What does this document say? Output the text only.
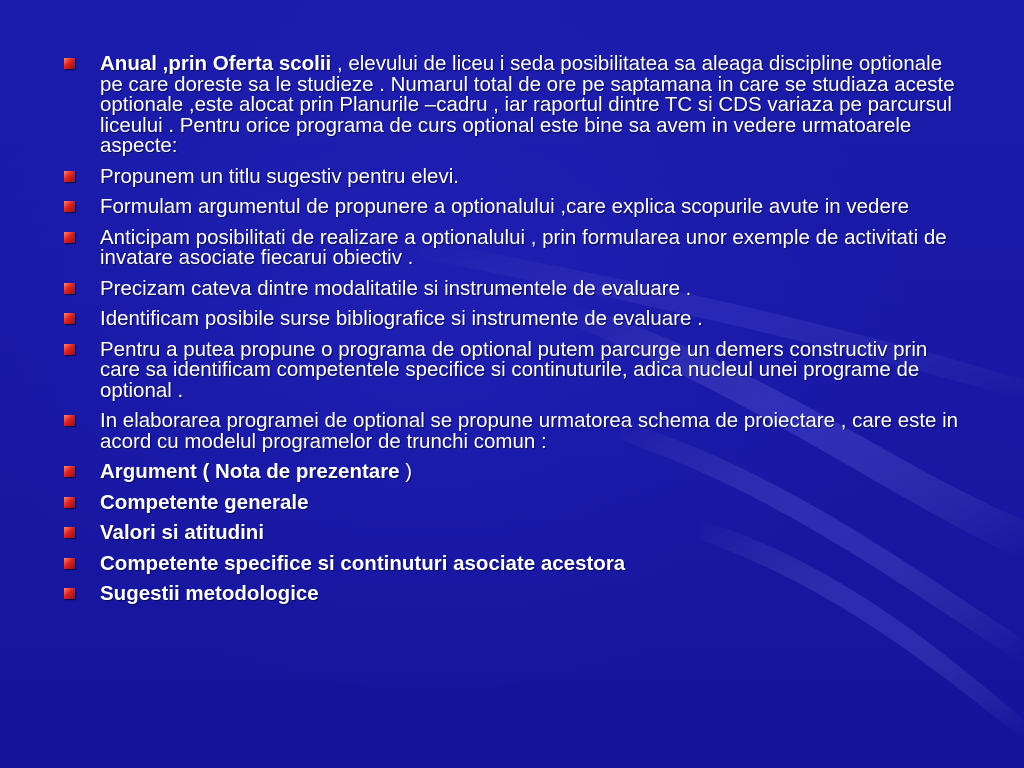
Anual ,prin Oferta scolii , elevului de liceu i seda posibilitatea sa aleaga discipline optionale pe care doreste sa le studieze . Numarul total de ore pe saptamana in care se studiaza aceste optionale ,este alocat prin Planurile –cadru , iar raportul dintre TC si CDS variaza pe parcursul liceului . Pentru orice programa de curs optional este bine sa avem in vedere urmatoarele aspecte:
Propunem un titlu sugestiv pentru elevi.
Formulam argumentul de propunere a optionalului ,care explica scopurile avute in vedere
Anticipam posibilitati de realizare a optionalului , prin formularea unor exemple de activitati de invatare asociate fiecarui obiectiv .
Precizam cateva dintre modalitatile si instrumentele de evaluare .
Identificam posibile surse bibliografice si instrumente de evaluare .
Pentru a putea propune o programa de optional putem parcurge un demers constructiv prin care sa identificam competentele specifice si continuturile, adica nucleul unei programe de optional .
In elaborarea programei de optional se propune urmatorea schema de proiectare , care este in acord cu modelul programelor de trunchi comun :
Argument ( Nota de prezentare )
Competente generale
Valori si atitudini
Competente specifice si continuturi asociate acestora
Sugestii metodologice
